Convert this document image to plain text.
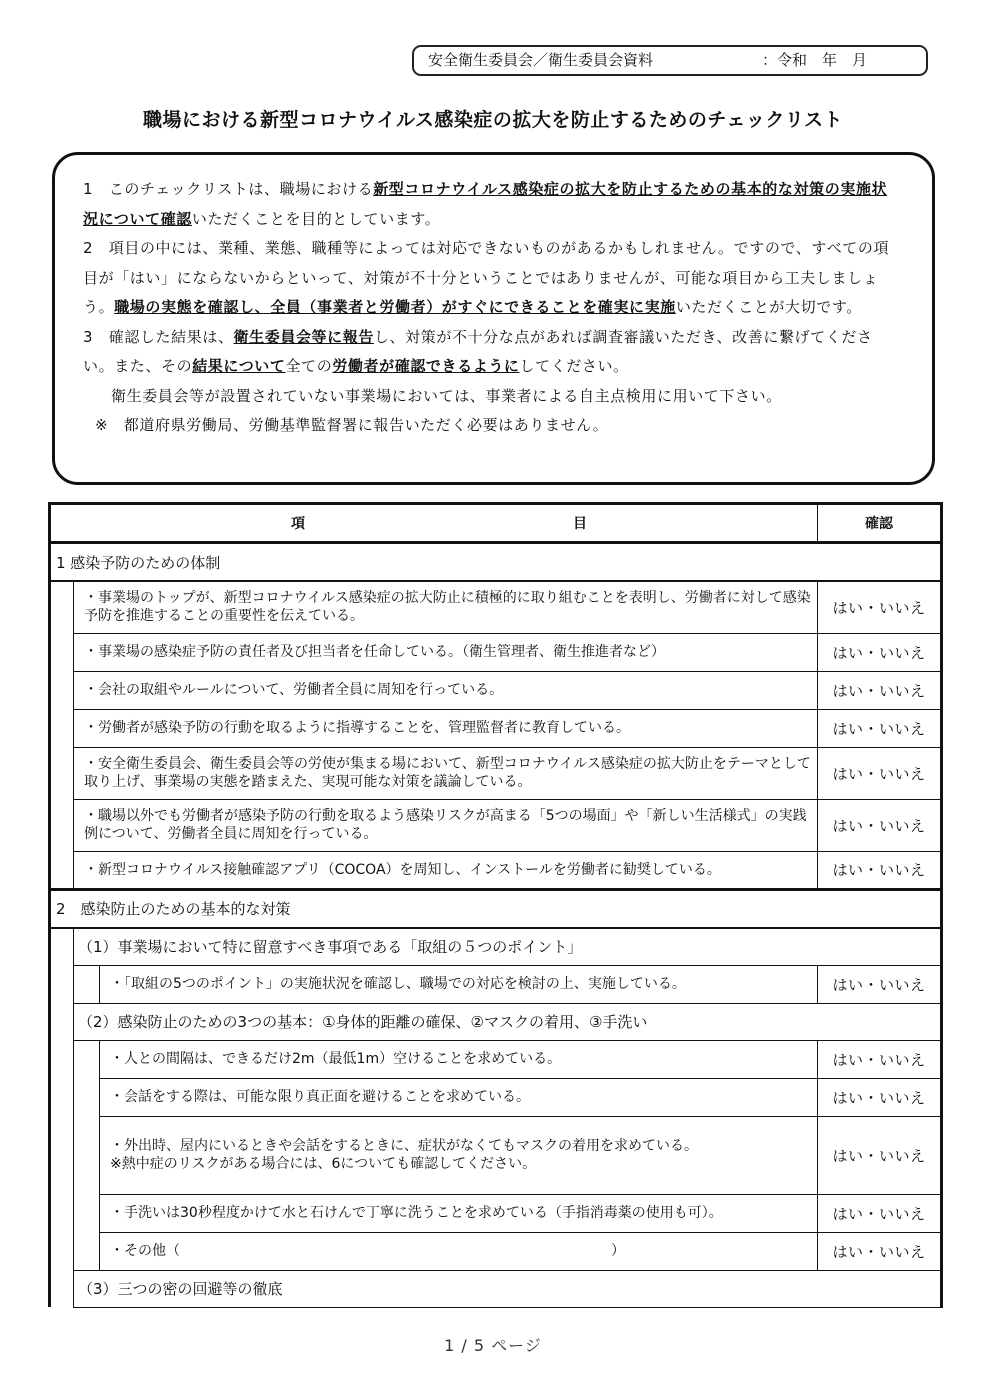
安全衛生委員会／衛生委員会資料	：令和　年　月
職場における新型コロナウイルス感染症の拡大を防止するためのチェックリスト

1　このチェックリストは、職場における新型コロナウイルス感染症の拡大を防止するための基本的な対策の実施状況について確認いただくことを目的としています。

2　項目の中には、業種、業態、職種等によっては対応できないものがあるかもしれません。ですので、すべての項目が「はい」にならないからといって、対策が不十分ということではありませんが、可能な項目から工夫しましょう。職場の実態を確認し、全員（事業者と労働者）がすぐにできることを確実に実施いただくことが大切です。

3　確認した結果は、衛生委員会等に報告し、対策が不十分な点があれば調査審議いただき、改善に繋げてください。また、その結果について全ての労働者が確認できるようにしてください。

衛生委員会等が設置されていない事業場においては、事業者による自主点検用に用いて下さい。

※　都道府県労働局、労働基準監督署に報告いただく必要はありません。

項 目			確認
1 感染予防のための体制			
	・事業場のトップが、新型コロナウイルス感染症の拡大防止に積極的に取り組むことを表明し、労働者に対して感染予防を推進することの重要性を伝えている。		はい・いいえ
	・事業場の感染症予防の責任者及び担当者を任命している。（衛生管理者、衛生推進者など）		はい・いいえ
	・会社の取組やルールについて、労働者全員に周知を行っている。		はい・いいえ
	・労働者が感染予防の行動を取るように指導することを、管理監督者に教育している。		はい・いいえ
	・安全衛生委員会、衛生委員会等の労使が集まる場において、新型コロナウイルス感染症の拡大防止をテーマとして取り上げ、事業場の実態を踏まえた、実現可能な対策を議論している。		はい・いいえ
	・職場以外でも労働者が感染予防の行動を取るよう感染リスクが高まる「5つの場面」や「新しい生活様式」の実践例について、労働者全員に周知を行っている。		はい・いいえ
	・新型コロナウイルス接触確認アプリ（COCOA）を周知し、インストールを労働者に勧奨している。		はい・いいえ
2　感染防止のための基本的な対策			
	（1）事業場において特に留意すべき事項である「取組の５つのポイント」		
		・「取組の5つのポイント」の実施状況を確認し、職場での対応を検討の上、実施している。	はい・いいえ
	（2）感染防止のための3つの基本：①身体的距離の確保、②マスクの着用、③手洗い		
		・人との間隔は、できるだけ2m（最低1m）空けることを求めている。	はい・いいえ
		・会話をする際は、可能な限り真正面を避けることを求めている。	はい・いいえ

		・外出時、屋内にいるときや会話をするときに、症状がなくてもマスクの着用を求めている。
※熱中症のリスクがある場合には、6についても確認してください。	はい・いいえ
		・手洗いは30秒程度かけて水と石けんで丁寧に洗うことを求めている（手指消毒薬の使用も可）。	はい・いいえ

		・その他（ ）	はい・いいえ
	（3）三つの密の回避等の徹底		
1 / 5 ページ
